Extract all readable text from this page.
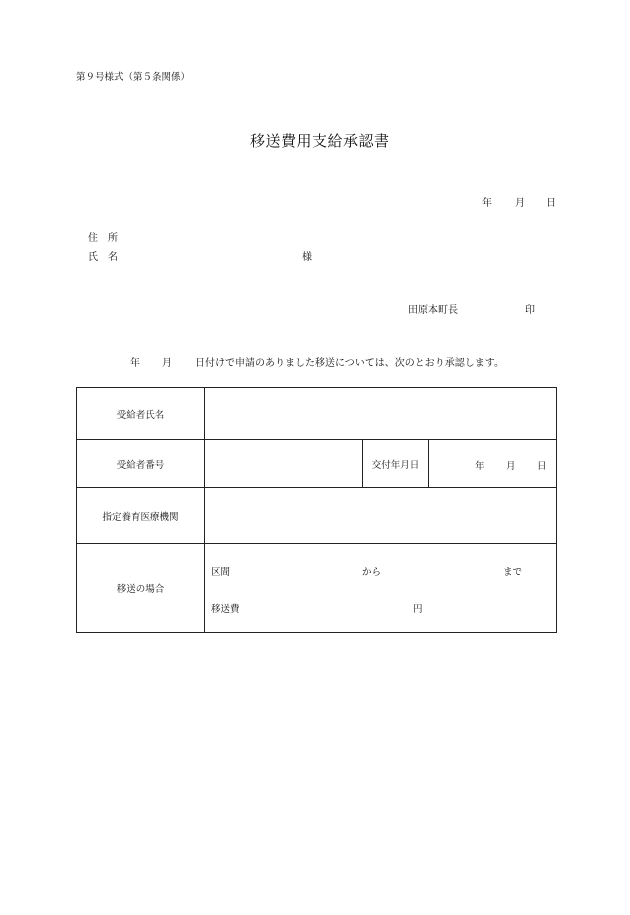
第９号様式（第５条関係）
移送費用支給承認書
年 月 日
住　所
氏　名	様
田原本町長	印
年 月 日付けで申請のありました移送については、次のとおり承認します。
受給者氏名			
受給者番号		交付年月日	年 月 日

指定養育医療機関			
移送の場合	区間 から まで
移送費 円		
